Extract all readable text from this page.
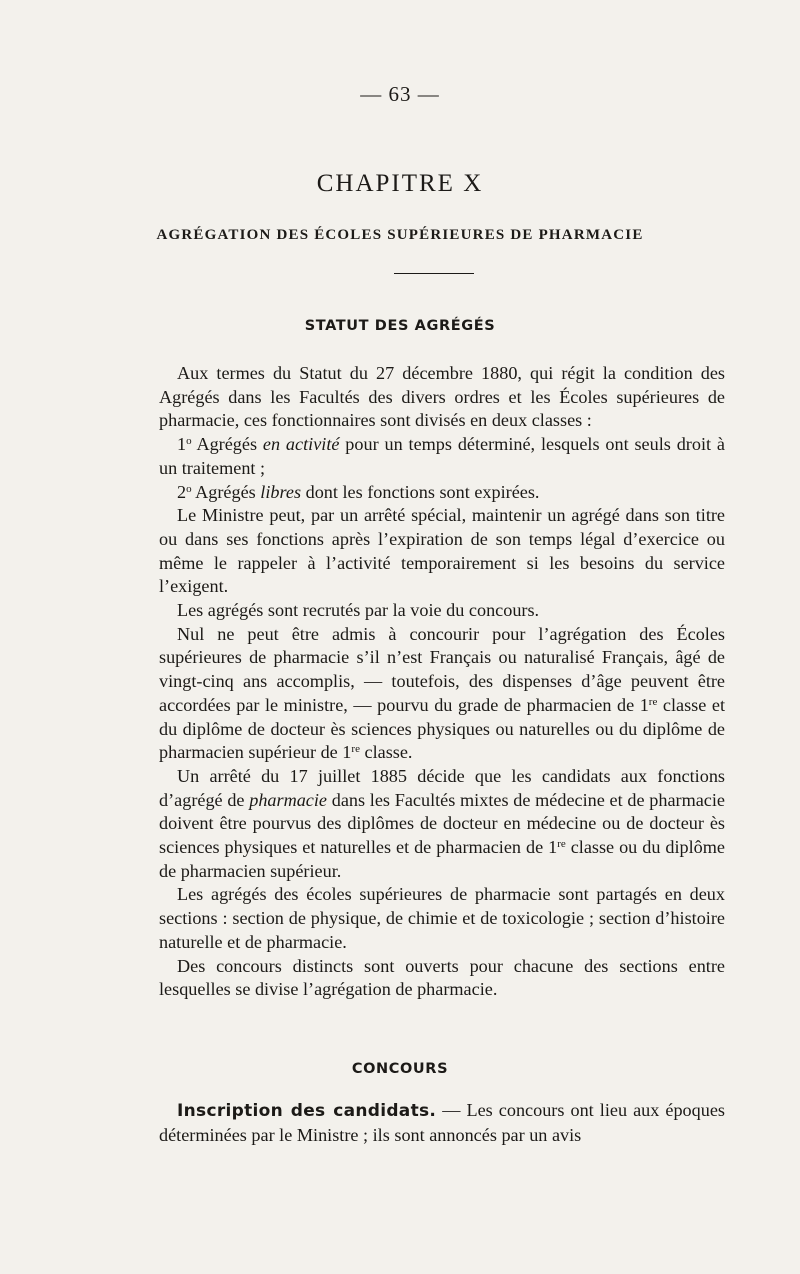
— 63 —
CHAPITRE X
AGRÉGATION DES ÉCOLES SUPÉRIEURES DE PHARMACIE
STATUT DES AGRÉGÉS

Aux termes du Statut du 27 décembre 1880, qui régit la condition des Agrégés dans les Facultés des divers ordres et les Écoles supérieures de pharmacie, ces fonctionnaires sont divisés en deux classes :

1$^o$ Agrégés en activité pour un temps déterminé, lesquels ont seuls droit à un traitement ;

2$^o$ Agrégés libres dont les fonctions sont expirées.

Le Ministre peut, par un arrêté spécial, maintenir un agrégé dans son titre ou dans ses fonctions après l’expiration de son temps légal d’exercice ou même le rappeler à l’activité temporairement si les besoins du service l’exigent.

Les agrégés sont recrutés par la voie du concours.

Nul ne peut être admis à concourir pour l’agrégation des Écoles supérieures de pharmacie s’il n’est Français ou naturalisé Français, âgé de vingt-cinq ans accomplis, — toutefois, des dispenses d’âge peuvent être accordées par le ministre, — pourvu du grade de pharmacien de 1re classe et du diplôme de docteur ès sciences physiques ou naturelles ou du diplôme de pharmacien supérieur de 1re classe.

Un arrêté du 17 juillet 1885 décide que les candidats aux fonctions d’agrégé de pharmacie dans les Facultés mixtes de médecine et de pharmacie doivent être pourvus des diplômes de docteur en médecine ou de docteur ès sciences physiques et naturelles et de pharmacien de 1re classe ou du diplôme de pharmacien supérieur.

Les agrégés des écoles supérieures de pharmacie sont partagés en deux sections : section de physique, de chimie et de toxicologie ; section d’histoire naturelle et de pharmacie.

Des concours distincts sont ouverts pour chacune des sections entre lesquelles se divise l’agrégation de pharmacie.

CONCOURS

Inscription des candidats. — Les concours ont lieu aux époques déterminées par le Ministre ; ils sont annoncés par un avis
